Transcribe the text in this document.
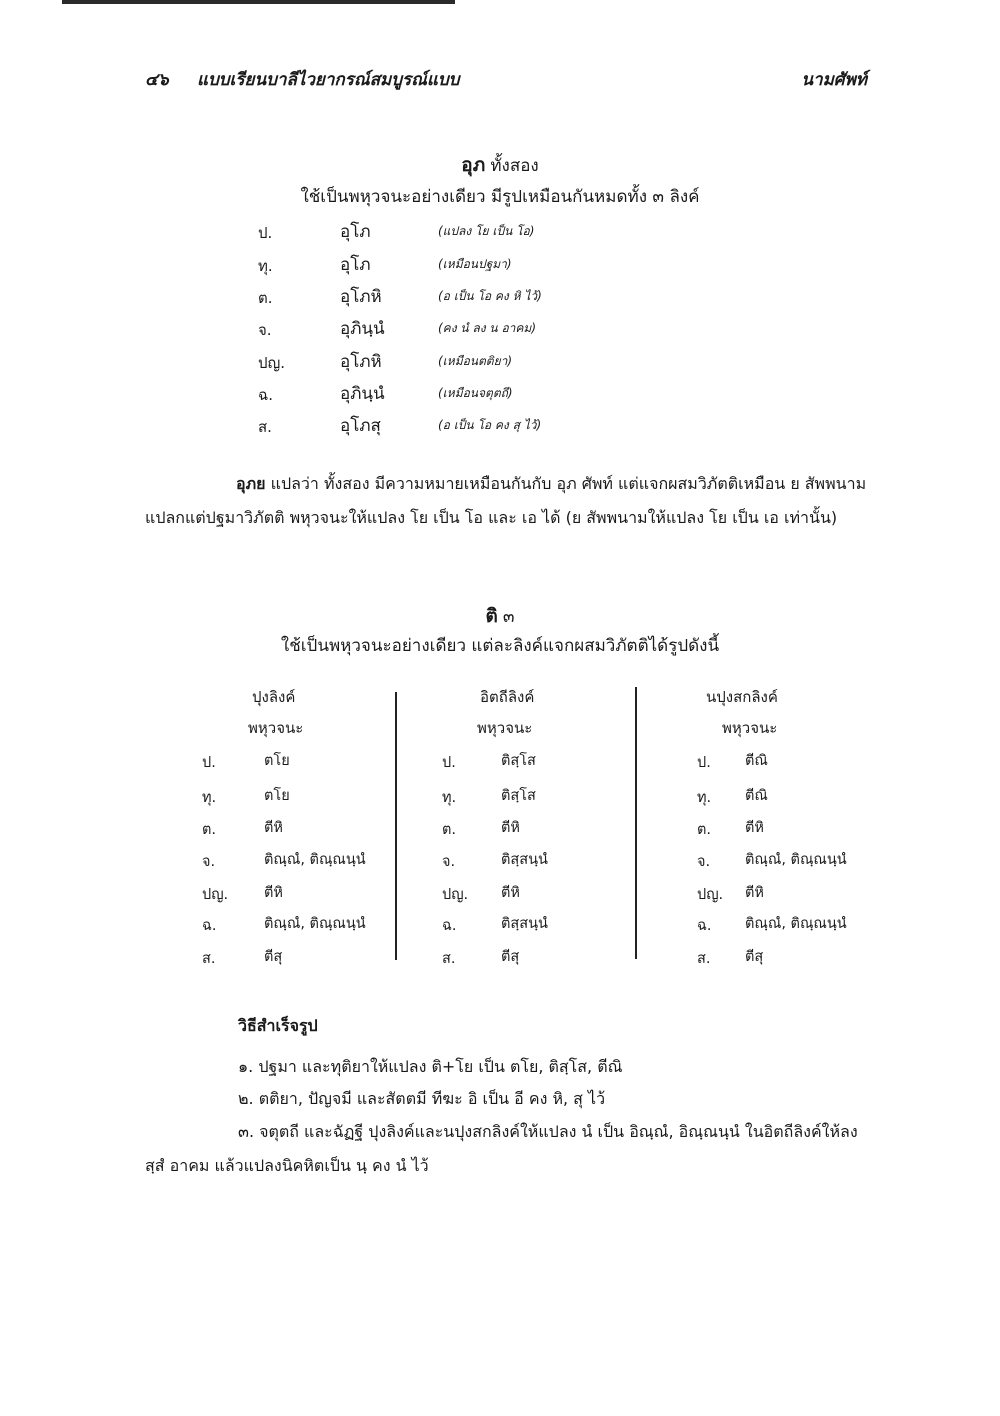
๔๖ แบบเรียนบาลีไวยากรณ์สมบูรณ์แบบ	นามศัพท์
อุภ ทั้งสอง
ใช้เป็นพหุวจนะอย่างเดียว มีรูปเหมือนกันหมดทั้ง ๓ ลิงค์
ป.	อุโภ	(แปลง โย เป็น โอ)
ทุ.	อุโภ	(เหมือนปฐมา)
ต.	อุโภหิ	(อ เป็น โอ คง หิ ไว้)
จ.	อุภินฺนํ	(คง นํ ลง น อาคม)
ปญ.	อุโภหิ	(เหมือนตติยา)
ฉ.	อุภินฺนํ	(เหมือนจตุตถี)
ส.	อุโภสุ	(อ เป็น โอ คง สุ ไว้)
อุภย แปลว่า ทั้งสอง มีความหมายเหมือนกันกับ อุภ ศัพท์ แต่แจกผสมวิภัตติเหมือน ย สัพพนาม
แปลกแต่ปฐมาวิภัตติ พหุวจนะให้แปลง โย เป็น โอ และ เอ ได้ (ย สัพพนามให้แปลง โย เป็น เอ เท่านั้น)
ติ ๓
ใช้เป็นพหุวจนะอย่างเดียว แต่ละลิงค์แจกผสมวิภัตติได้รูปดังนี้
ปุงลิงค์
พหุวจนะ
ป.	ตโย
ทุ.	ตโย
ต.	ตีหิ
จ.	ติณฺณํ, ติณฺณนฺนํ
ปญ. ตีหิ
ฉ.	ติณฺณํ, ติณฺณนฺนํ
ส.	ตีสุ
อิตถีลิงค์
พหุวจนะ
ป.	ติสฺโส
ทุ.	ติสฺโส
ต.	ตีหิ
จ.	ติสฺสนฺนํ
ปญ. ตีหิ
ฉ.	ติสฺสนฺนํ
ส.	ตีสุ
นปุงสกลิงค์
พหุวจนะ
ป. ตีณิ
ทุ. ตีณิ
ต. ตีหิ
จ. ติณฺณํ, ติณฺณนฺนํ
ปญ. ตีหิ
ฉ. ติณฺณํ, ติณฺณนฺนํ
ส. ตีสุ
วิธีสำเร็จรูป
๑. ปฐมา และทุติยาให้แปลง ติ+โย เป็น ตโย, ติสฺโส, ตีณิ
๒. ตติยา, ปัญจมี และสัตตมี ทีฆะ อิ เป็น อี คง หิ, สุ ไว้
๓. จตุตถี และฉัฏฐี ปุงลิงค์และนปุงสกลิงค์ให้แปลง นํ เป็น อิณฺณํ, อิณฺณนฺนํ ในอิตถีลิงค์ให้ลง
สฺสํ อาคม แล้วแปลงนิคหิตเป็น นฺ คง นํ ไว้
